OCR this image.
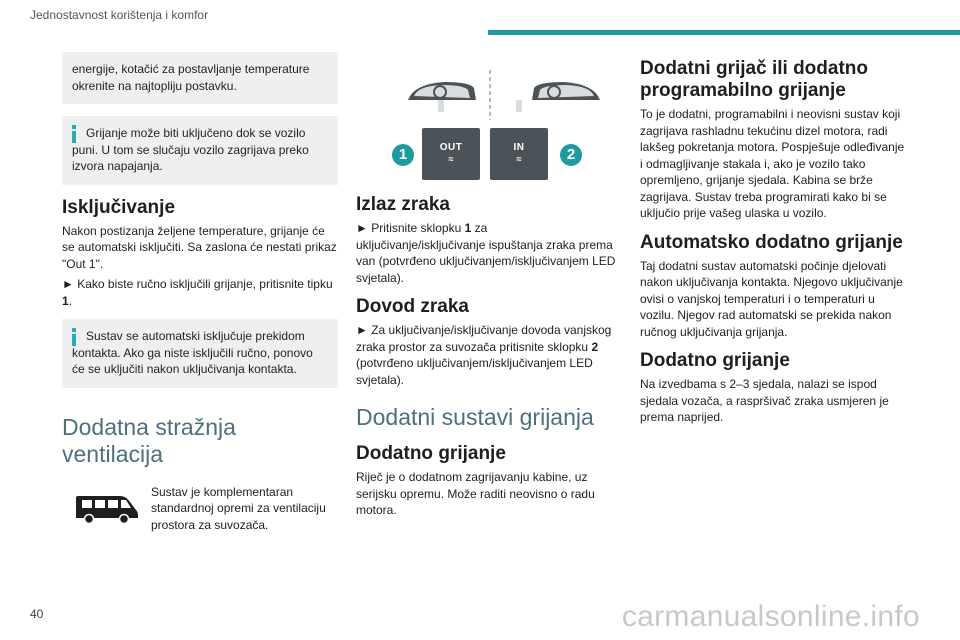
Jednostavnost korištenja i komfor
energije, kotačić za postavljanje temperature okrenite na najtopliju postavku.
Grijanje može biti uključeno dok se vozilo
puni. U tom se slučaju vozilo zagrijava preko izvora napajanja.
Isključivanje

Nakon postizanja željene temperature, grijanje će se automatski isključiti. Sa zaslona će nestati prikaz "Out 1".

► Kako biste ručno isključili grijanje, pritisnite tipku 1.

Sustav se automatski isključuje prekidom
kontakta. Ako ga niste isključili ručno, ponovo će se uključiti nakon uključivanja kontakta.
Dodatna stražnja ventilacija
Sustav je komplementaran standardnoj opremi za ventilaciju prostora za suvozača.
OUT
≈
IN
≈
1	2
Izlaz zraka

► Pritisnite sklopku 1 za uključivanje/isključivanje ispuštanja zraka prema van (potvrđeno uključivanjem/isključivanjem LED svjetala).

Dovod zraka

► Za uključivanje/isključivanje dovoda vanjskog zraka prostor za suvozača pritisnite sklopku 2 (potvrđeno uključivanjem/isključivanjem LED svjetala).

Dodatni sustavi grijanja
Dodatno grijanje

Riječ je o dodatnom zagrijavanju kabine, uz serijsku opremu. Može raditi neovisno o radu motora.

Dodatni grijač ili dodatno programabilno grijanje

To je dodatni, programabilni i neovisni sustav koji zagrijava rashladnu tekućinu dizel motora, radi lakšeg pokretanja motora. Pospješuje odleđivanje i odmagljivanje stakala i, ako je vozilo tako opremljeno, grijanje sjedala. Kabina se brže zagrijava. Sustav treba programirati kako bi se uključio prije vašeg ulaska u vozilo.

Automatsko dodatno grijanje

Taj dodatni sustav automatski počinje djelovati nakon uključivanja kontakta. Njegovo uključivanje ovisi o vanjskoj temperaturi i o temperaturi u vozilu. Njegov rad automatski se prekida nakon ručnog uključivanja grijanja.

Dodatno grijanje

Na izvedbama s 2–3 sjedala, nalazi se ispod sjedala vozača, a raspršivač zraka usmjeren je prema naprijed.

40	carmanualsonline.info
